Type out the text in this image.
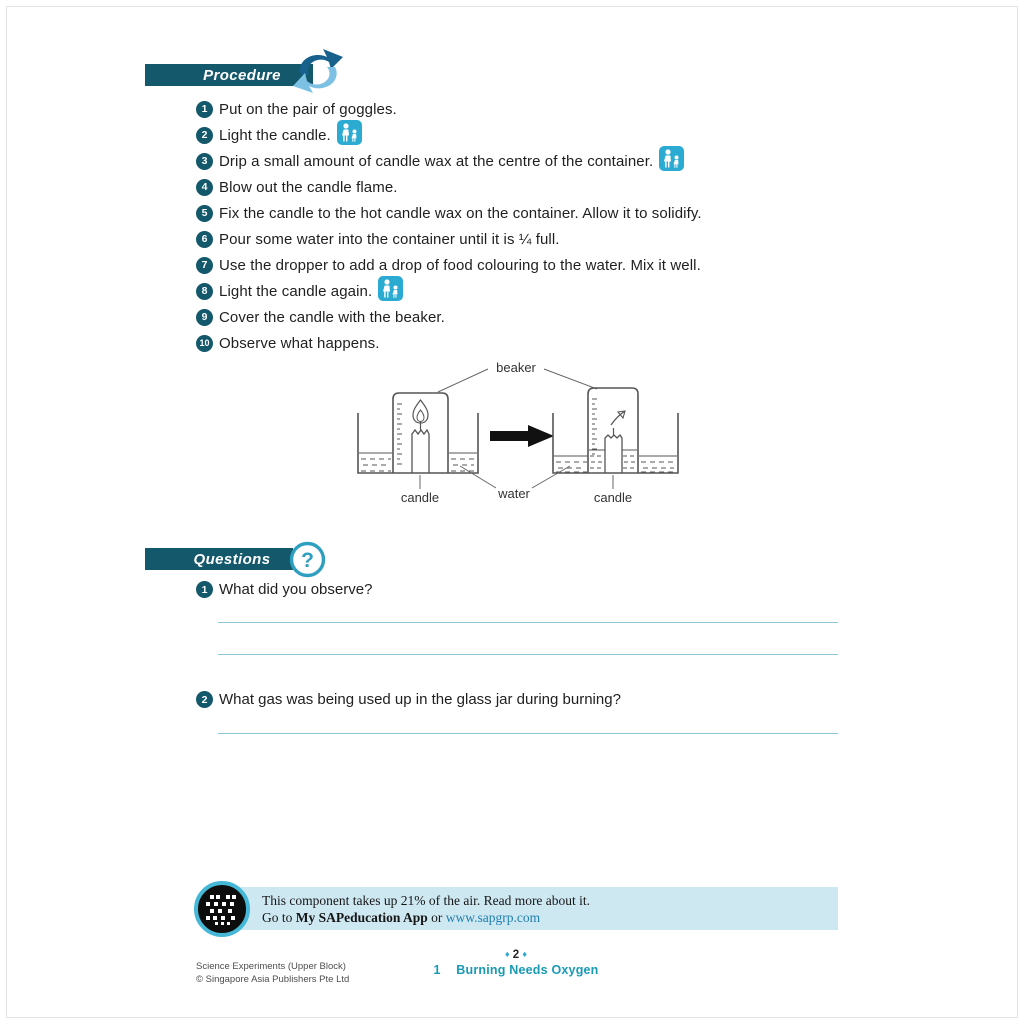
Procedure
1 Put on the pair of goggles.
2 Light the candle.
3 Drip a small amount of candle wax at the centre of the container.
4 Blow out the candle flame.
5 Fix the candle to the hot candle wax on the container. Allow it to solidify.
6 Pour some water into the container until it is ¼ full.
7 Use the dropper to add a drop of food colouring to the water. Mix it well.
8 Light the candle again.
9 Cover the candle with the beaker.
10 Observe what happens.
beaker
candle	water	candle
Questions ?
1 What did you observe?
2 What gas was being used up in the glass jar during burning?
This component takes up 21% of the air. Read more about it.
Go to My SAPeducation App or www.sapgrp.com
Science Experiments (Upper Block)
© Singapore Asia Publishers Pte Ltd
♦ 2 ♦
1 Burning Needs Oxygen
